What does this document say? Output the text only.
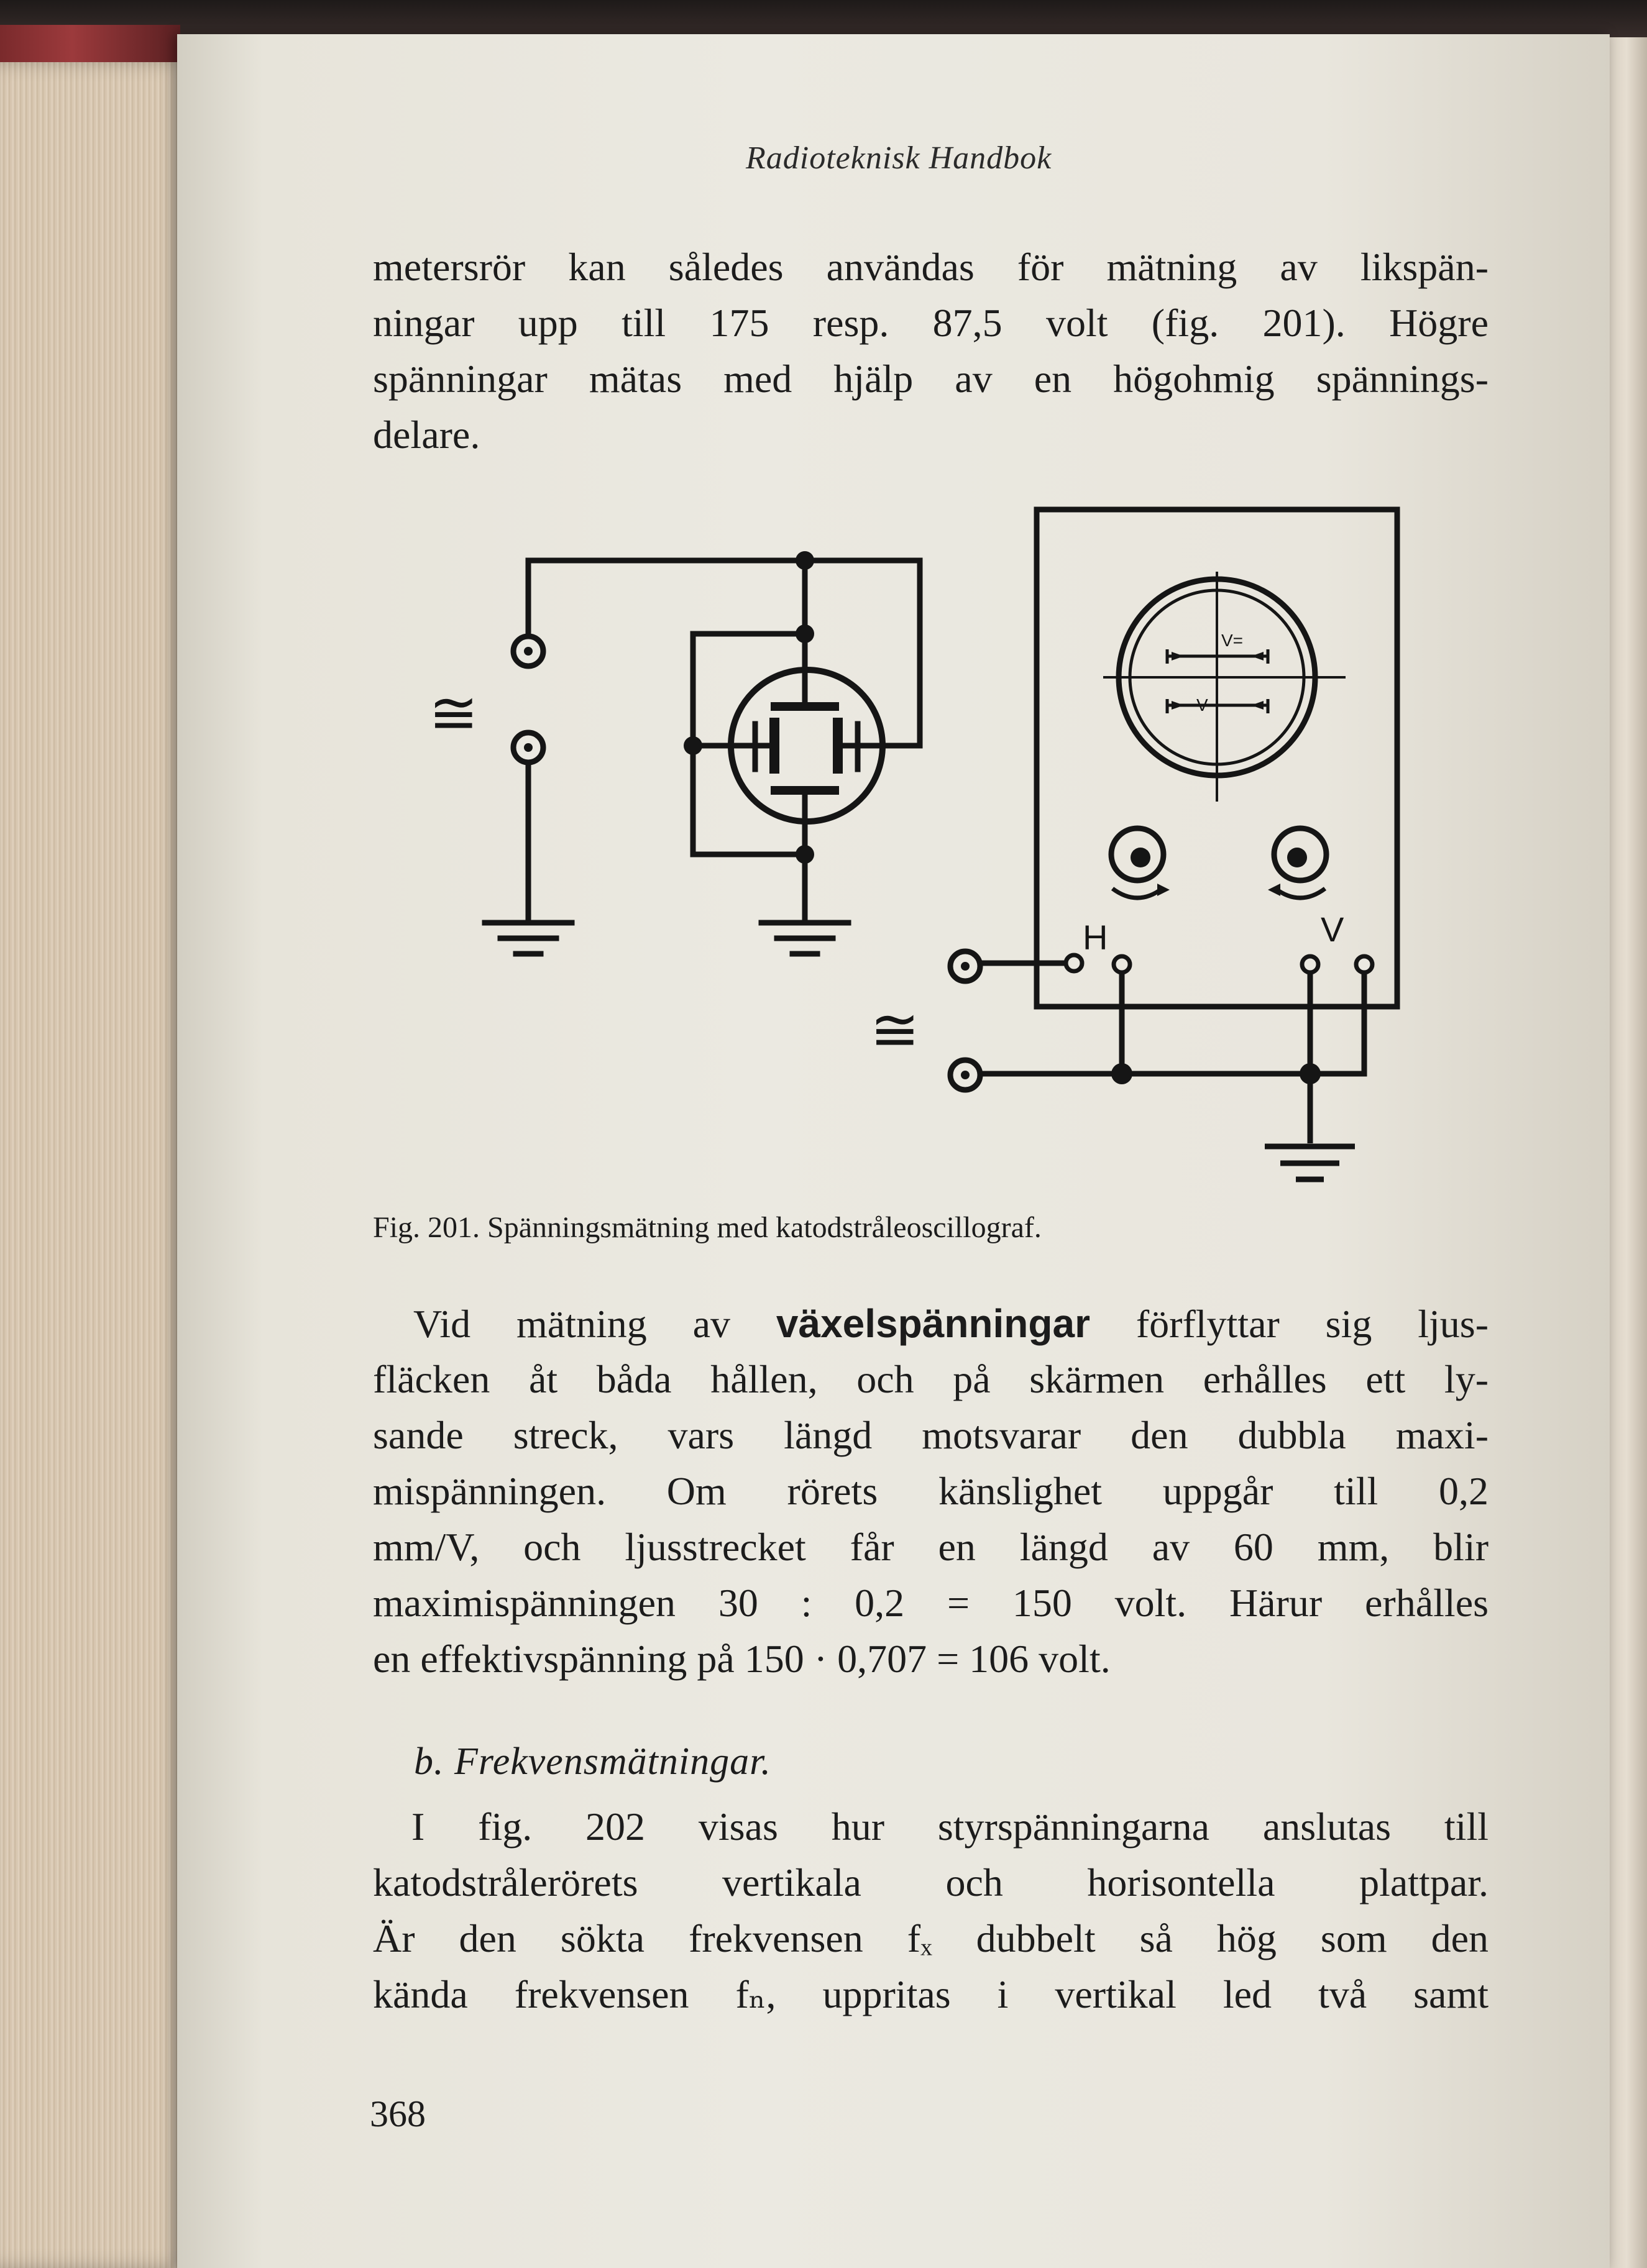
Radioteknisk Handbok
metersrör kan således användas för mätning av likspän-
ningar upp till 175 resp. 87,5 volt (fig. 201). Högre
spänningar mätas med hjälp av en högohmig spännings-
delare.
≅
H	V
≅
V=
V~
Fig. 201. Spänningsmätning med katodstråleoscillograf.
Vid mätning av växelspänningar förflyttar sig ljus-
fläcken åt båda hållen, och på skärmen erhålles ett ly-
sande streck, vars längd motsvarar den dubbla maxi-
mispänningen. Om rörets känslighet uppgår till 0,2
mm/V, och ljusstrecket får en längd av 60 mm, blir
maximispänningen 30 : 0,2 = 150 volt. Härur erhålles
en effektivspänning på 150 · 0,707 = 106 volt.
b. Frekvensmätningar.
I fig. 202 visas hur styrspänningarna anslutas till
katodstrålerörets vertikala och horisontella plattpar.
Är den sökta frekvensen fₓ dubbelt så hög som den
kända frekvensen fₙ, uppritas i vertikal led två samt
368
